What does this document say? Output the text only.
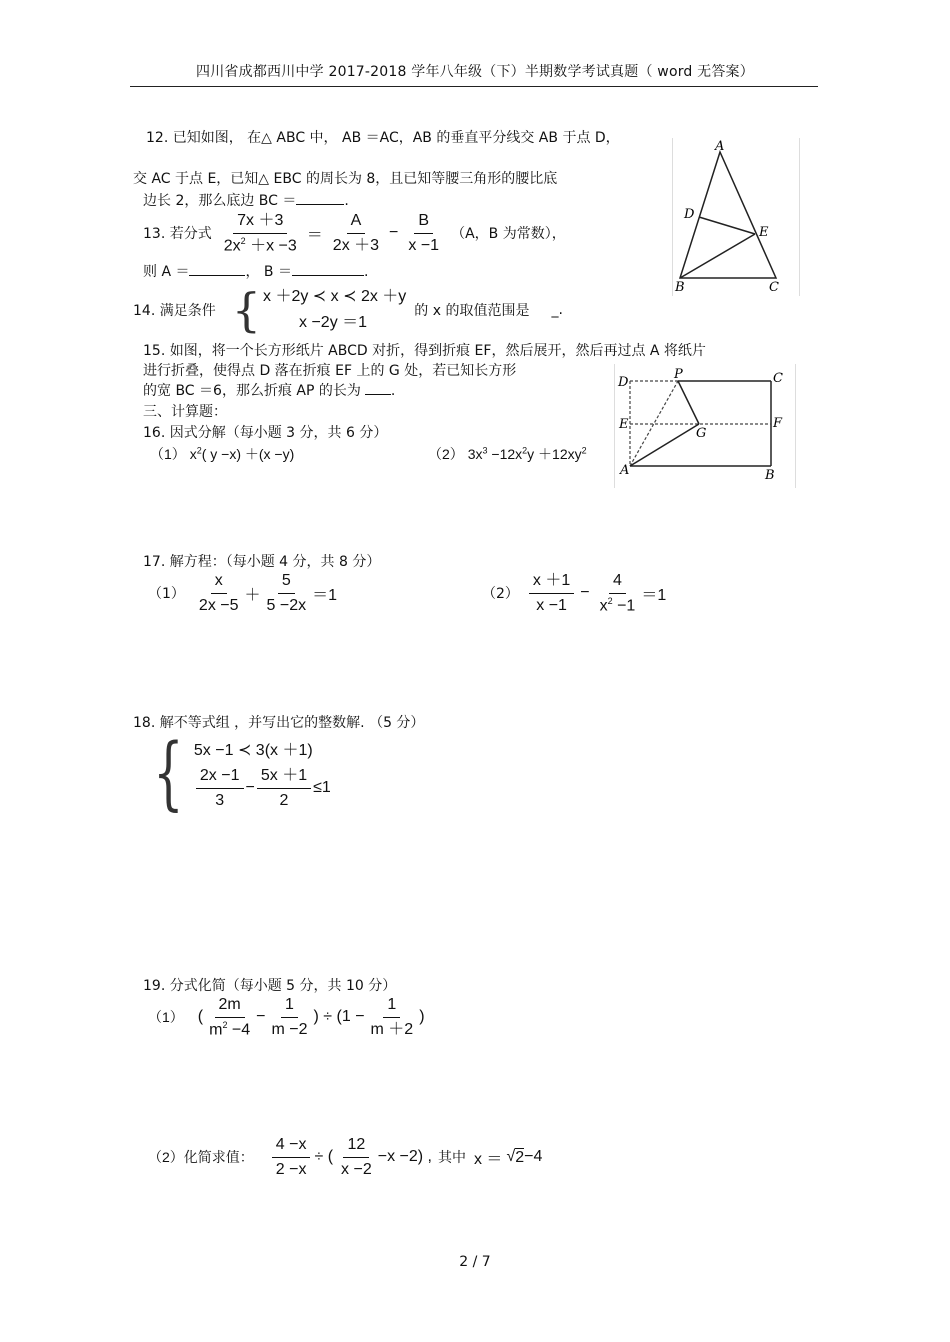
四川省成都西川中学 2017-2018 学年八年级（下）半期数学考试真题（ word 无答案）
12. 已知如图， 在△ ABC 中， AB ＝AC，AB 的垂直平分线交 AB 于点 D，
交 AC 于点 E，已知△ EBC 的周长为 8，且已知等腰三角形的腰比底
边长 2，那么底边 BC ＝	.
A
D
E
B	C
13. 若分式 $\frac{7x +3}{2x^2 +x -3} = \frac{A}{2x +3} - \frac{B}{x -1} (A$，B 为常数），
则 A ＝	， B ＝	.
14. 满足条件 { x ＋2y ≺ x ≺ 2x ＋y
x −2y ＝1
的 x 的取值范围是 _.
15. 如图，将一个长方形纸片 ABCD 对折，得到折痕 EF，然后展开，然后再过点 A 将纸片
进行折叠，使得点 D 落在折痕 EF 上的 G 处，若已知长方形
的宽 BC ＝6，那么折痕 AP 的长为 .
D
P	C
E
G
F
A	B
三、计算题：
16. 因式分解（每小题 3 分，共 6 分）
（1） $x^2$( y −x) ＋(x −y)	（2） $3x^3 -12x^2y +12xy^2$
17. 解方程：（每小题 4 分，共 8 分）
$(1) \frac{x}{2x -5} + \frac{5}{5 -2x} =1$	$(2) \frac{x +1}{x -1} - \frac{4}{x^2 -1} =1$
18. 解不等式组 ，并写出它的整数解. （5 分）
{ 5x −1 ≺ 3(x ＋1)
$\frac{2x -1}{3} - \frac{5x +1}{2} \le 1$
19. 分式化简（每小题 5 分，共 10 分）
（1） ( $\frac{2m}{m^2 -4} - \frac{1}{m -2}$ ) ÷ ($1 - \frac{1}{m +2}$ )
（2）化简求值： $\frac{4 -x}{2 -x}$ ÷ ( $\frac{12}{x -2} -x -2$) , 其中 x ＝ √ 2 −4
2 / 7
